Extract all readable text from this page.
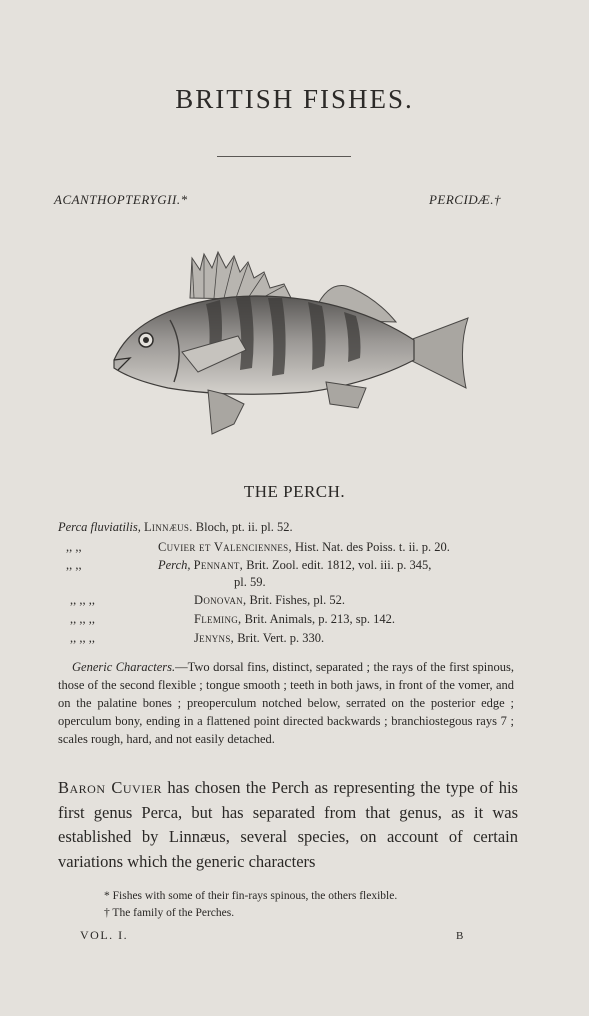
BRITISH FISHES.
ACANTHOPTERYGII.*	PERCIDÆ.†
THE PERCH.
Perca fluviatilis, Linnæus. Bloch, pt. ii. pl. 52.
,, ,,	Cuvier et Valenciennes, Hist. Nat. des Poiss. t. ii. p. 20.
,, ,,	Perch, Pennant, Brit. Zool. edit. 1812, vol. iii. p. 345,
pl. 59.
,, ,, ,,	Donovan, Brit. Fishes, pl. 52.
,, ,, ,,	Fleming, Brit. Animals, p. 213, sp. 142.
,, ,, ,,	Jenyns, Brit. Vert. p. 330.
Generic Characters.—Two dorsal fins, distinct, separated ; the rays of the first spinous, those of the second flexible ; tongue smooth ; teeth in both jaws, in front of the vomer, and on the palatine bones ; preoperculum notched below, serrated on the posterior edge ; operculum bony, ending in a flattened point directed backwards ; branchiostegous rays 7 ; scales rough, hard, and not easily detached.
Baron Cuvier has chosen the Perch as representing the type of his first genus Perca, but has separated from that genus, as it was established by Linnæus, several species, on account of certain variations which the generic characters
* Fishes with some of their fin-rays spinous, the others flexible.
† The family of the Perches.
VOL. I.	B
